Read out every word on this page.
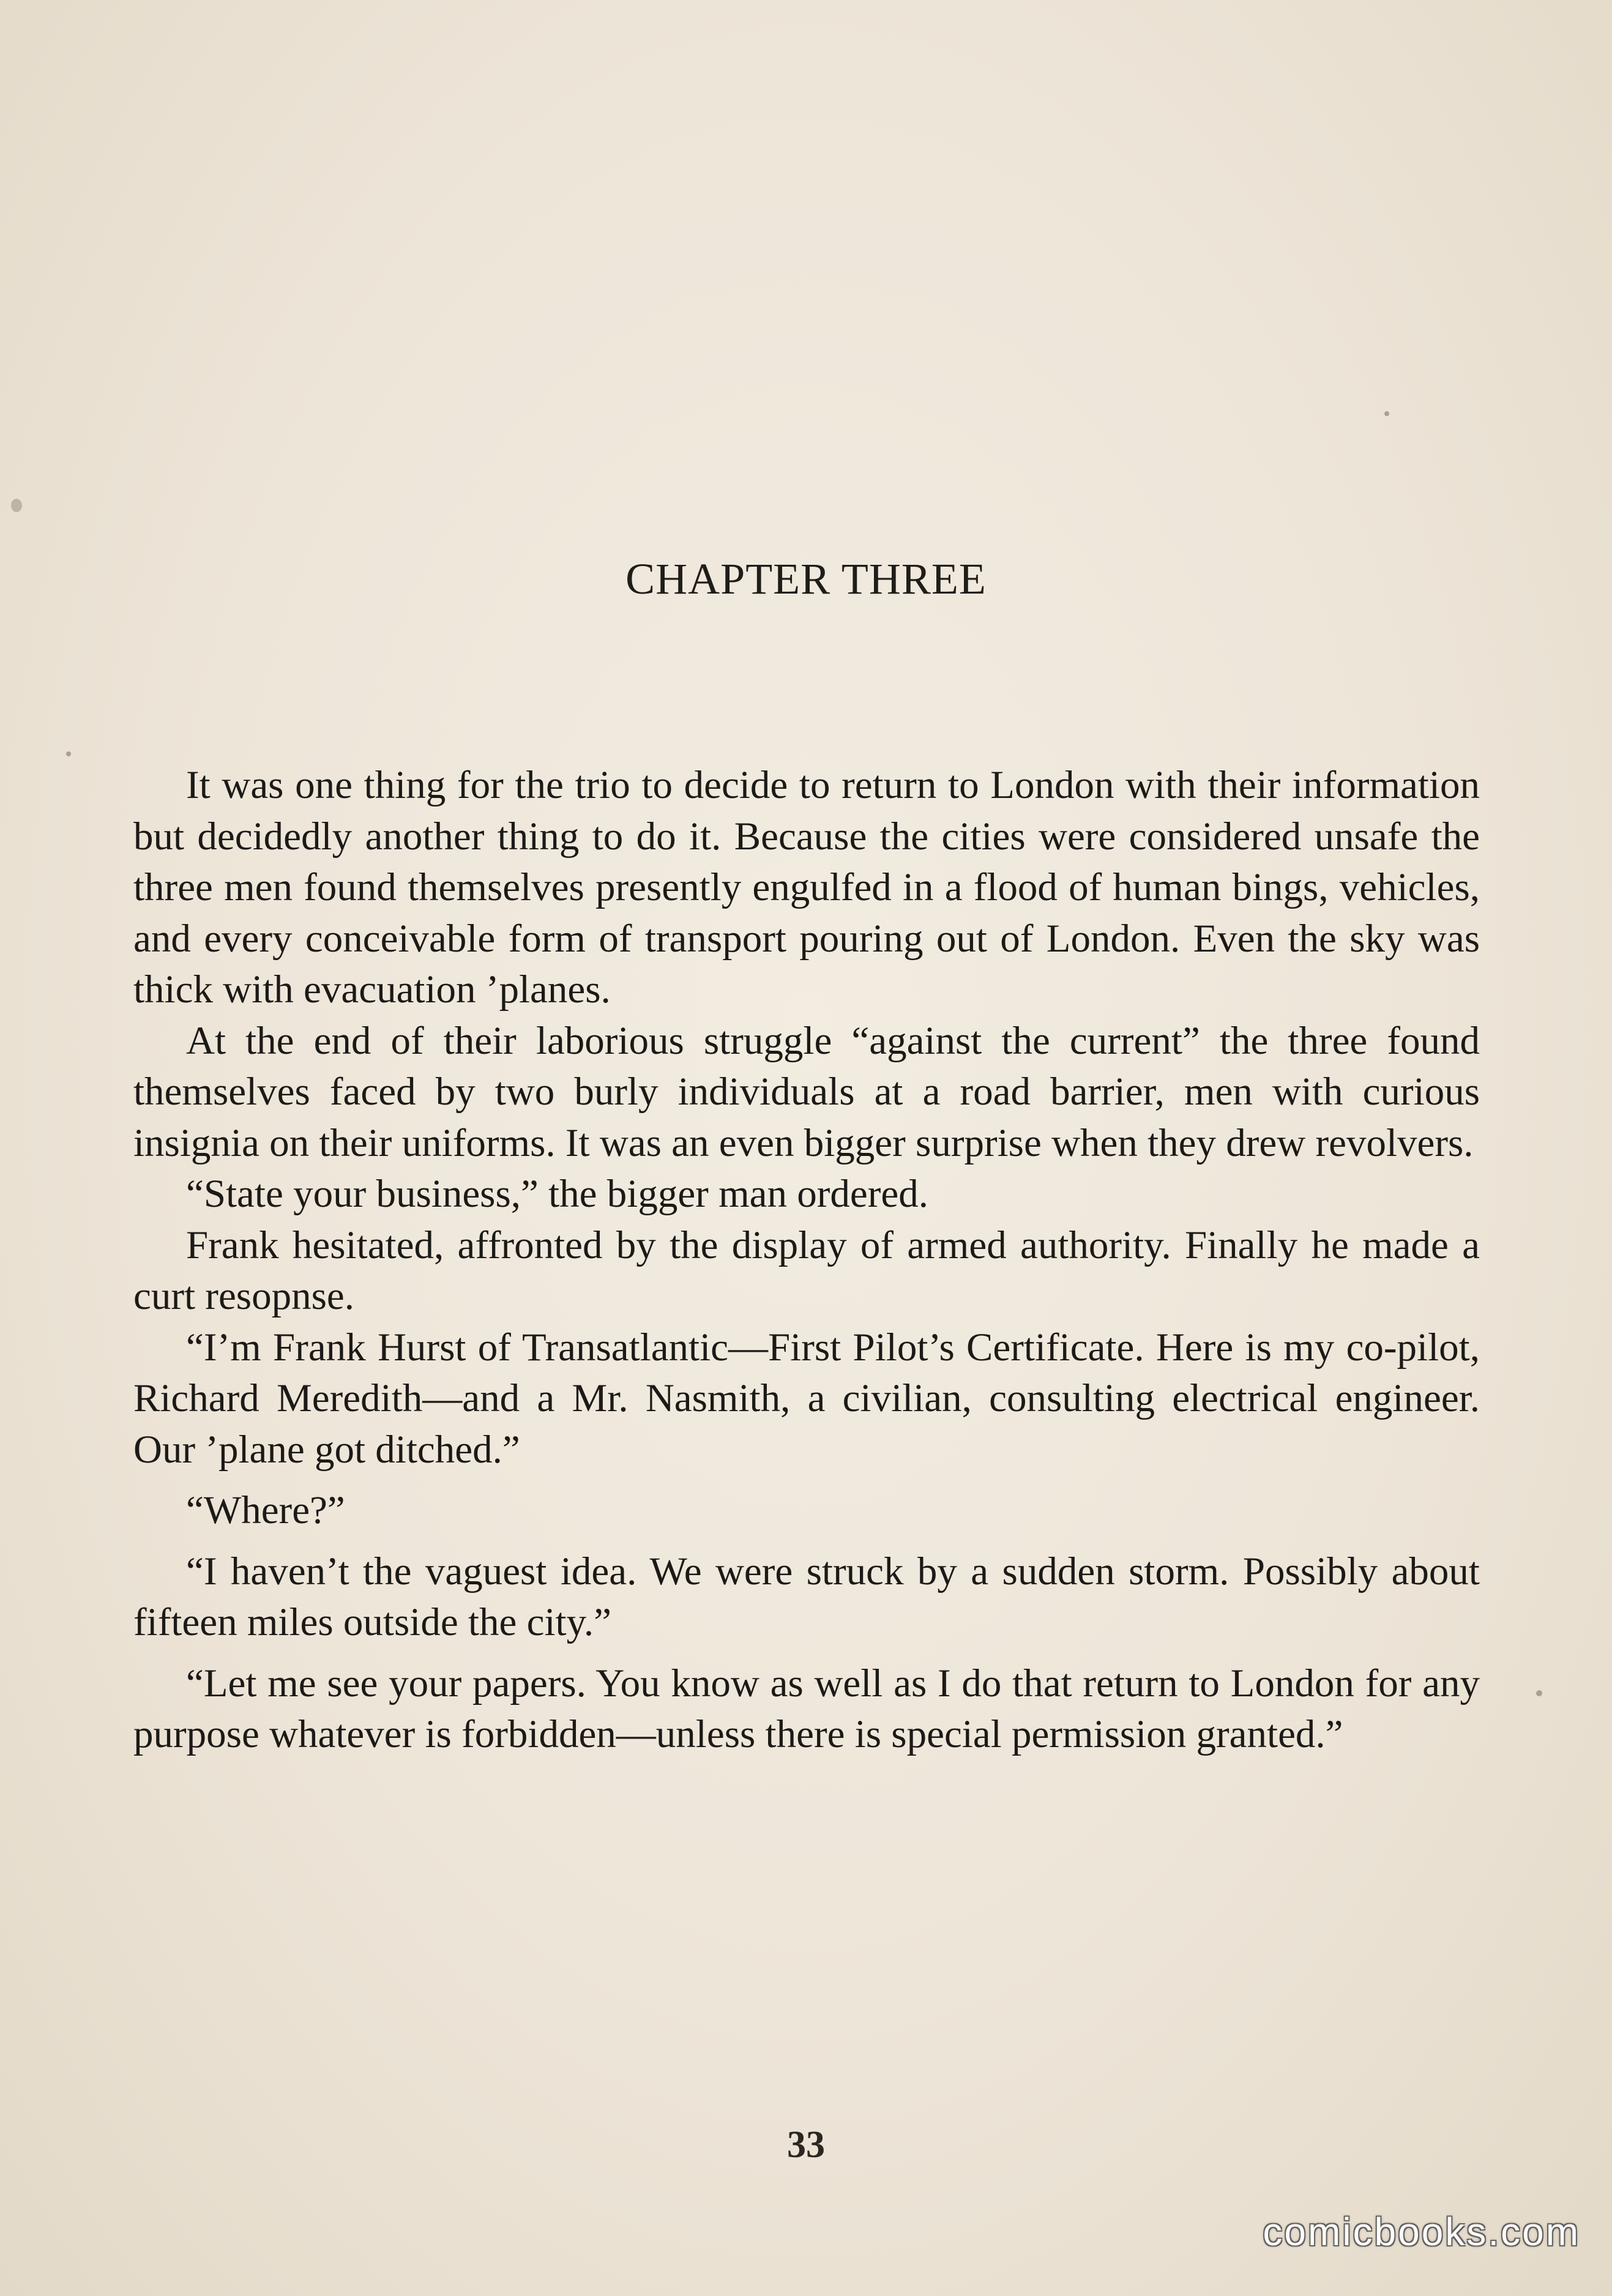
CHAPTER THREE

It was one thing for the trio to decide to return to London with their information but decidedly another thing to do it. Because the cities were considered unsafe the three men found themselves presently engulfed in a flood of human bings, vehicles, and every conceivable form of transport pouring out of London. Even the sky was thick with evacuation ’planes.

At the end of their laborious struggle “against the current” the three found themselves faced by two burly individuals at a road barrier, men with curious insignia on their uniforms. It was an even bigger surprise when they drew revolvers.

“State your business,” the bigger man ordered.

Frank hesitated, affronted by the display of armed authority. Finally he made a curt resopnse.

“I’m Frank Hurst of Transatlantic—First Pilot’s Certificate. Here is my co-pilot, Richard Meredith—and a Mr. Nasmith, a civilian, consulting electrical engineer. Our ’plane got ditched.”

“Where?”

“I haven’t the vaguest idea. We were struck by a sudden storm. Possibly about fifteen miles outside the city.”

“Let me see your papers. You know as well as I do that return to London for any purpose whatever is forbidden—unless there is special permission granted.”

33
comicbooks.com
